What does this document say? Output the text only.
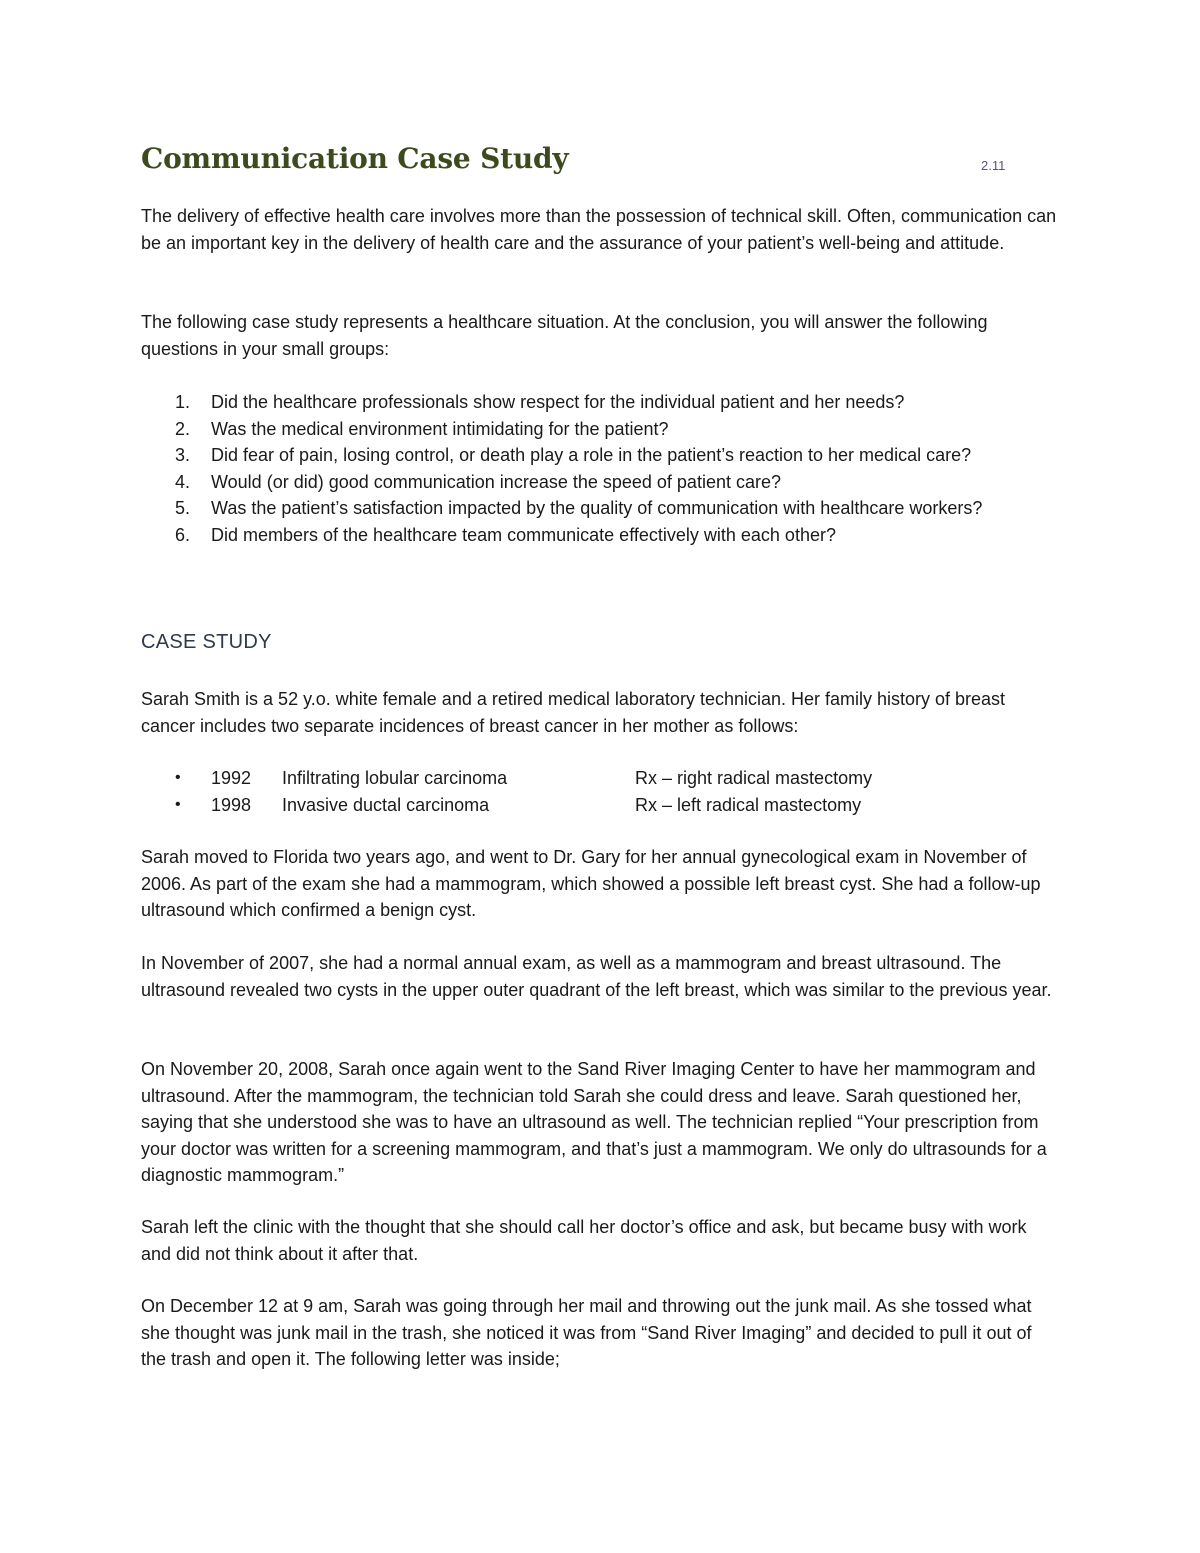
Communication Case Study	2.11

The delivery of effective health care involves more than the possession of technical skill. Often, communication can be an important key in the delivery of health care and the assurance of your patient’s well-being and attitude.

The following case study represents a healthcare situation. At the conclusion, you will answer the following questions in your small groups:

1. Did the healthcare professionals show respect for the individual patient and her needs?
2. Was the medical environment intimidating for the patient?
3. Did fear of pain, losing control, or death play a role in the patient’s reaction to her medical care?
4. Would (or did) good communication increase the speed of patient care?
5. Was the patient’s satisfaction impacted by the quality of communication with healthcare workers?
6. Did members of the healthcare team communicate effectively with each other?
CASE STUDY

Sarah Smith is a 52 y.o. white female and a retired medical laboratory technician. Her family history of breast cancer includes two separate incidences of breast cancer in her mother as follows:

• 1992 Infiltrating lobular carcinoma	Rx – right radical mastectomy
• 1998 Invasive ductal carcinoma	Rx – left radical mastectomy

Sarah moved to Florida two years ago, and went to Dr. Gary for her annual gynecological exam in November of 2006. As part of the exam she had a mammogram, which showed a possible left breast cyst. She had a follow-up ultrasound which confirmed a benign cyst.

In November of 2007, she had a normal annual exam, as well as a mammogram and breast ultrasound. The ultrasound revealed two cysts in the upper outer quadrant of the left breast, which was similar to the previous year.

On November 20, 2008, Sarah once again went to the Sand River Imaging Center to have her mammogram and ultrasound. After the mammogram, the technician told Sarah she could dress and leave. Sarah questioned her, saying that she understood she was to have an ultrasound as well. The technician replied “Your prescription from your doctor was written for a screening mammogram, and that’s just a mammogram. We only do ultrasounds for a diagnostic mammogram.”

Sarah left the clinic with the thought that she should call her doctor’s office and ask, but became busy with work and did not think about it after that.

On December 12 at 9 am, Sarah was going through her mail and throwing out the junk mail. As she tossed what she thought was junk mail in the trash, she noticed it was from “Sand River Imaging” and decided to pull it out of the trash and open it. The following letter was inside;
